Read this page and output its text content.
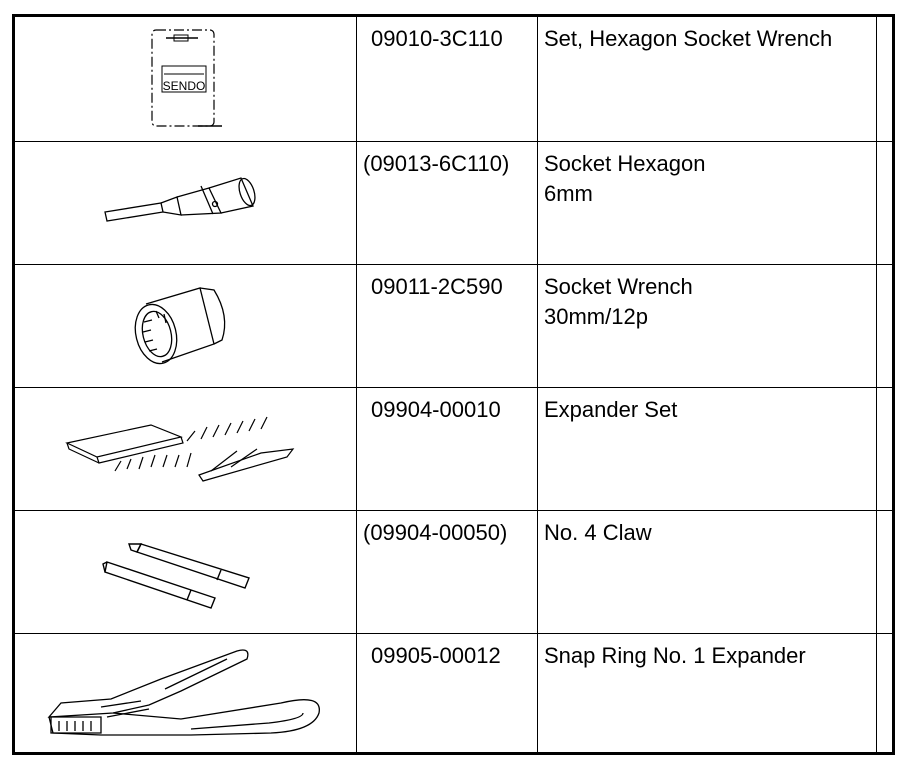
SENDO	09010-3C110	Set, Hexagon Socket Wrench	

(09013-6C110)	Socket Hexagon
6mm	

09011-2C590	Socket Wrench
30mm/12p	

09904-00010	Expander Set	

(09904-00050)	No. 4 Claw	

09905-00012	Snap Ring No. 1 Expander	
